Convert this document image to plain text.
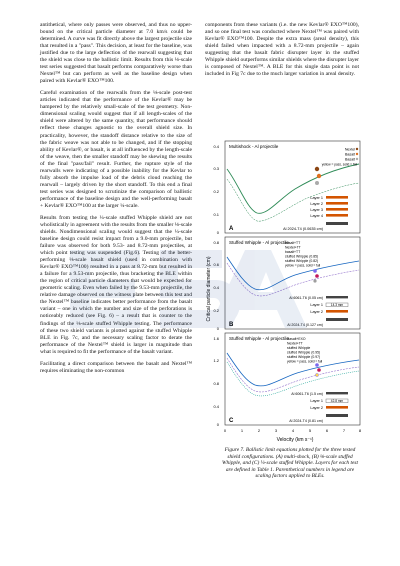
antithetical, where only passes were observed, and thus no upper-bound on the critical particle diameter at 7.0 km/s could be determined. A curve was fit directly above the largest projectile size that resulted in a "pass". This decision, at least for the baseline, was justified due to the large deflection of the rearwall suggesting that the shield was close to the ballistic limit. Results from this ⅛-scale test series suggested that basalt performs comparatively worse than Nextel™ but can perform as well as the baseline design when paired with Kevlar® EXO™100.

Careful examination of the rearwalls from the ⅛-scale post-test articles indicated that the performance of the Kevlar® may be hampered by the relatively small-scale of the test geometry. Non-dimensional scaling would suggest that if all length-scales of the shield were altered by the same quantity, that performance should reflect these changes agnostic to the overall shield size. In practicality, however, the standoff distance relative to the size of the fabric weave was not able to be changed, and if the stopping ability of Kevlar®, or basalt, is at all influenced by the length-scale of the weave, then the smaller standoff may be skewing the results of the final "pass/fail" result. Further, the rupture style of the rearwalls were indicating of a possible inability for the Kevlar to fully absorb the impulse load of the debris cloud reaching the rearwall – largely driven by the short standoff. To this end a final test series was designed to scrutinize the comparison of ballistic performance of the baseline design and the well-performing basalt + Kevlar® EXO™100 at the larger ¼-scale.

Results from testing the ¼-scale stuffed Whipple shield are not wholistically in agreement with the results from the smaller ⅛-scale shields. Nondimensional scaling would suggest that the ¼-scale baseline design could resist impact from a 9.0-mm projectile, but failure was observed for both 9.53- and 8.72-mm projectiles, at which point testing was suspended (Fig.6). Testing of the better-performing ⅛-scale basalt shield (used in combination with Kevlar® EXO™100) resulted in a pass at 8.72-mm but resulted in a failure for a 9.53-mm projectile, thus bracketing the BLE within the region of critical particle diameters that would be expected for geometric scaling. Even when failed by the 9.53-mm projectile, the relative damage observed on the witness plate between this test and the Nextel™ baseline indicates better performance from the basalt variant – one in which the number and size of the perforations is noticeably reduced (see Fig. 6) – a result that is counter to the findings of the ⅛-scale stuffed Whipple testing. The performance of these two shield variants is plotted against the stuffed Whipple BLE in Fig. 7c, and the necessary scaling factor to derate the performance of the Nextel™ shield is larger in magnitude than what is required to fit the performance of the basalt variant.

Facilitating a direct comparison between the basalt and Nextel™ requires eliminating the non-common

components from these variants (i.e. the new Kevlar® EXO™100), and so one final test was conducted where Nextel™ was paired with Kevlar® EXO™100. Despite the extra mass (areal density), this shield failed when impacted with a 8.72-mm projectile – again suggesting that the basalt fabric disrupter layer in the stuffed Whipple shield outperforms similar shields where the disrupter layer is composed of Nextel™. A BLE for this single data point is not included in Fig 7c due to the much larger variation in areal density.

Critical particle diameter (cm)
Velocity (km s⁻¹)
Multishock - Al projectile
0.4
0.3
0.2
0.1
0
Nextel
Basalt
Basalt
yellow = pass, solid = fail
Layer 1
Layer 2
Layer 3
Layer 4
Al 2024-T4 (0.0635 cm)
A
Stuffed Whipple - Al projectile
0.8
0.6
0.4
0.2
0
basalt+TT
Nextel+TT
basalt+TT
stuffed Whipple (0.85)
stuffed Whipple (0.82)
yellow = pass, solid = fail
Al 6061-T6 (0.05 cm)
Layer 1 14.3 mm
Layer 2
Al 2024-T4 (0.127 cm)
B
Stuffed Whipple - Al projectile
1.6
1.2
0.8
0.4
0
Basalt+EXO
Nextel+TT
stuffed Whipple
stuffed Whipple (0.95)
stuffed Whipple (0.97)
yellow = pass, solid = fail
Al 6061-T6 (1.5 cm)
Layer 1 42.8 mm
Layer 2
Al 2024-T4 (0.81 cm)
C
0	1	2	3	4	5	6	7	8
Figure 7. Ballistic limit equations plotted for the three tested shield configurations. (A) multi-shock, (B) ⅛-scale stuffed Whipple, and (C) ¼-scale stuffed Whipple. Layers for each test are defined in Table 1. Parenthetical numbers in legend are scaling factors applied to BLEs.
